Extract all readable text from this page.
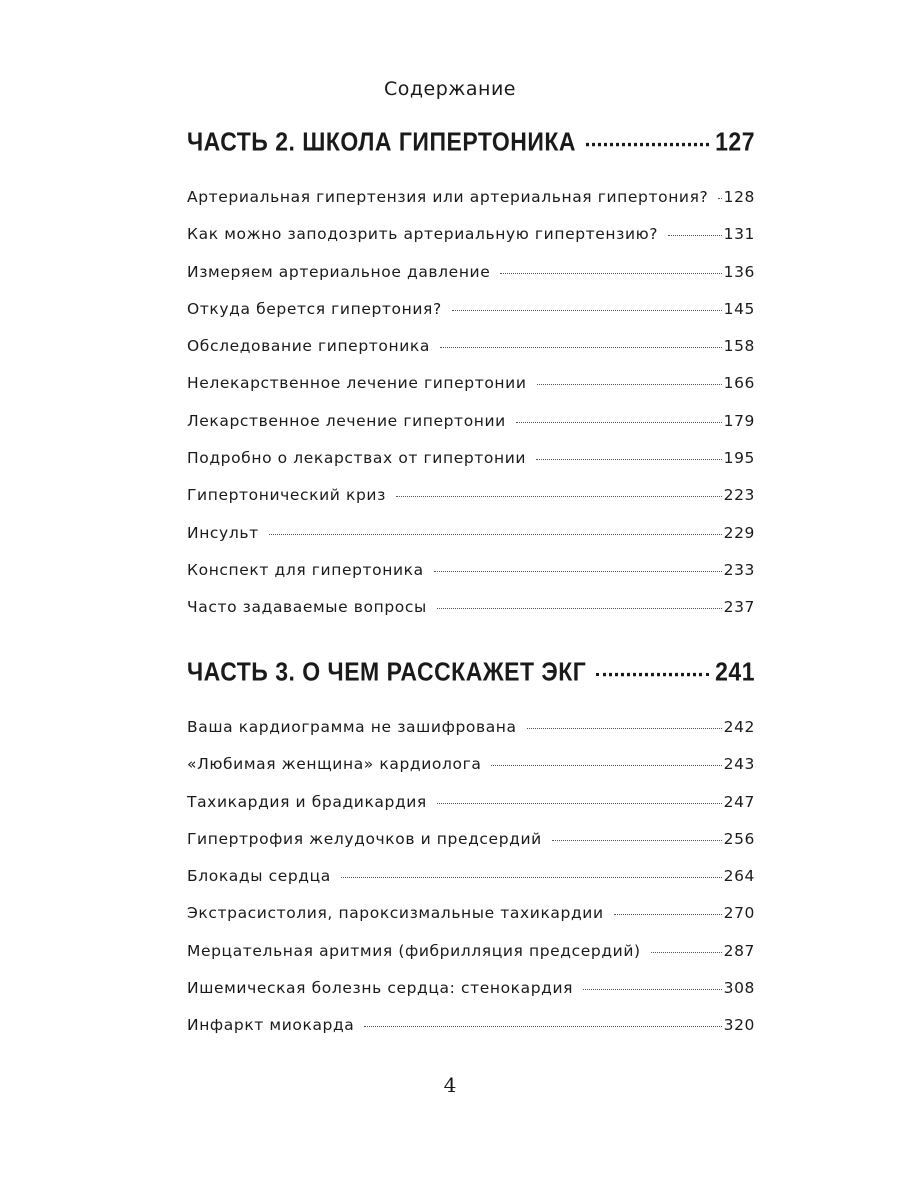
Содержание
ЧАСТЬ 2. ШКОЛА ГИПЕРТОНИКА	127
Артериальная гипертензия или артериальная гипертония? 128
Как можно заподозрить артериальную гипертензию?	131
Измеряем артериальное давление	136
Откуда берется гипертония?	145
Обследование гипертоника	158
Нелекарственное лечение гипертонии	166
Лекарственное лечение гипертонии	179
Подробно о лекарствах от гипертонии	195
Гипертонический криз	223
Инсульт	229
Конспект для гипертоника	233
Часто задаваемые вопросы	237
ЧАСТЬ 3. О ЧЕМ РАССКАЖЕТ ЭКГ	241
Ваша кардиограмма не зашифрована	242
«Любимая женщина» кардиолога	243
Тахикардия и брадикардия	247
Гипертрофия желудочков и предсердий	256
Блокады сердца	264
Экстрасистолия, пароксизмальные тахикардии	270
Мерцательная аритмия (фибрилляция предсердий)	287
Ишемическая болезнь сердца: стенокардия	308
Инфаркт миокарда	320
4
